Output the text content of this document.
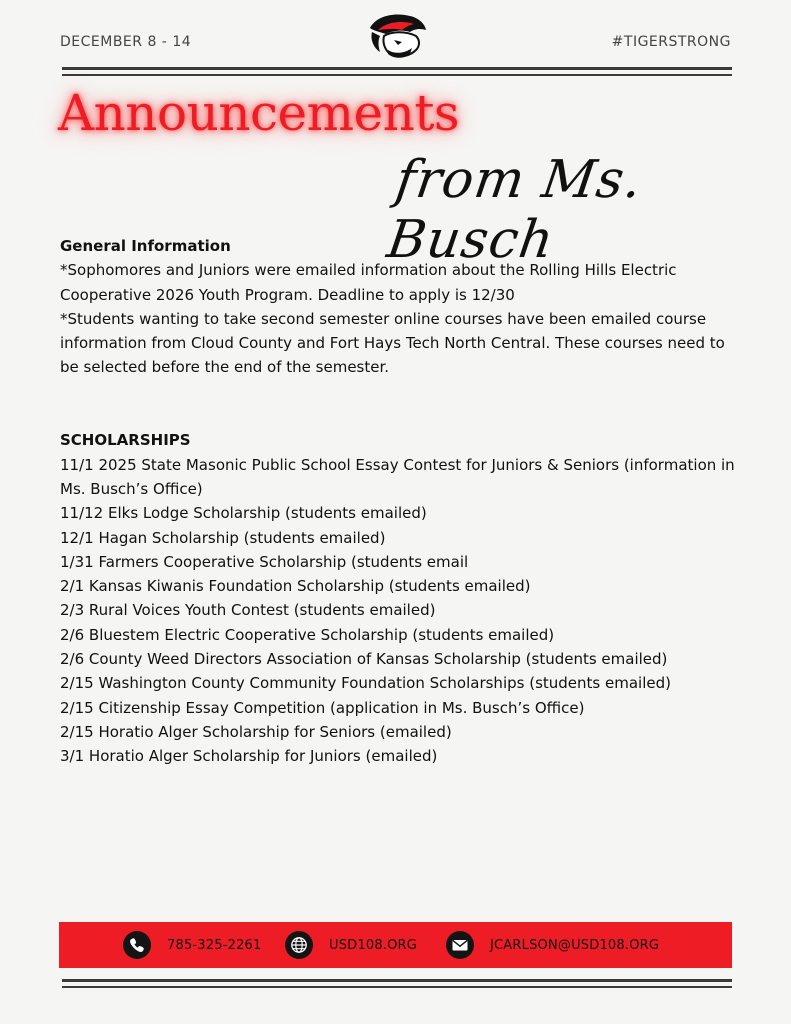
DECEMBER 8 - 14	#TIGERSTRONG
Announcements
from Ms. Busch
General Information

*Sophomores and Juniors were emailed information about the Rolling Hills Electric Cooperative 2026 Youth Program. Deadline to apply is 12/30

*Students wanting to take second semester online courses have been emailed course information from Cloud County and Fort Hays Tech North Central. These courses need to be selected before the end of the semester.

SCHOLARSHIPS

11/1 2025 State Masonic Public School Essay Contest for Juniors & Seniors (information in Ms. Busch’s Office)

11/12 Elks Lodge Scholarship (students emailed)

12/1 Hagan Scholarship (students emailed)

1/31 Farmers Cooperative Scholarship (students email

2/1 Kansas Kiwanis Foundation Scholarship (students emailed)

2/3 Rural Voices Youth Contest (students emailed)

2/6 Bluestem Electric Cooperative Scholarship (students emailed)

2/6 County Weed Directors Association of Kansas Scholarship (students emailed)

2/15 Washington County Community Foundation Scholarships (students emailed)

2/15 Citizenship Essay Competition (application in Ms. Busch’s Office)

2/15 Horatio Alger Scholarship for Seniors (emailed)

3/1 Horatio Alger Scholarship for Juniors (emailed)

785-325-2261	USD108.ORG	JCARLSON@USD108.ORG
